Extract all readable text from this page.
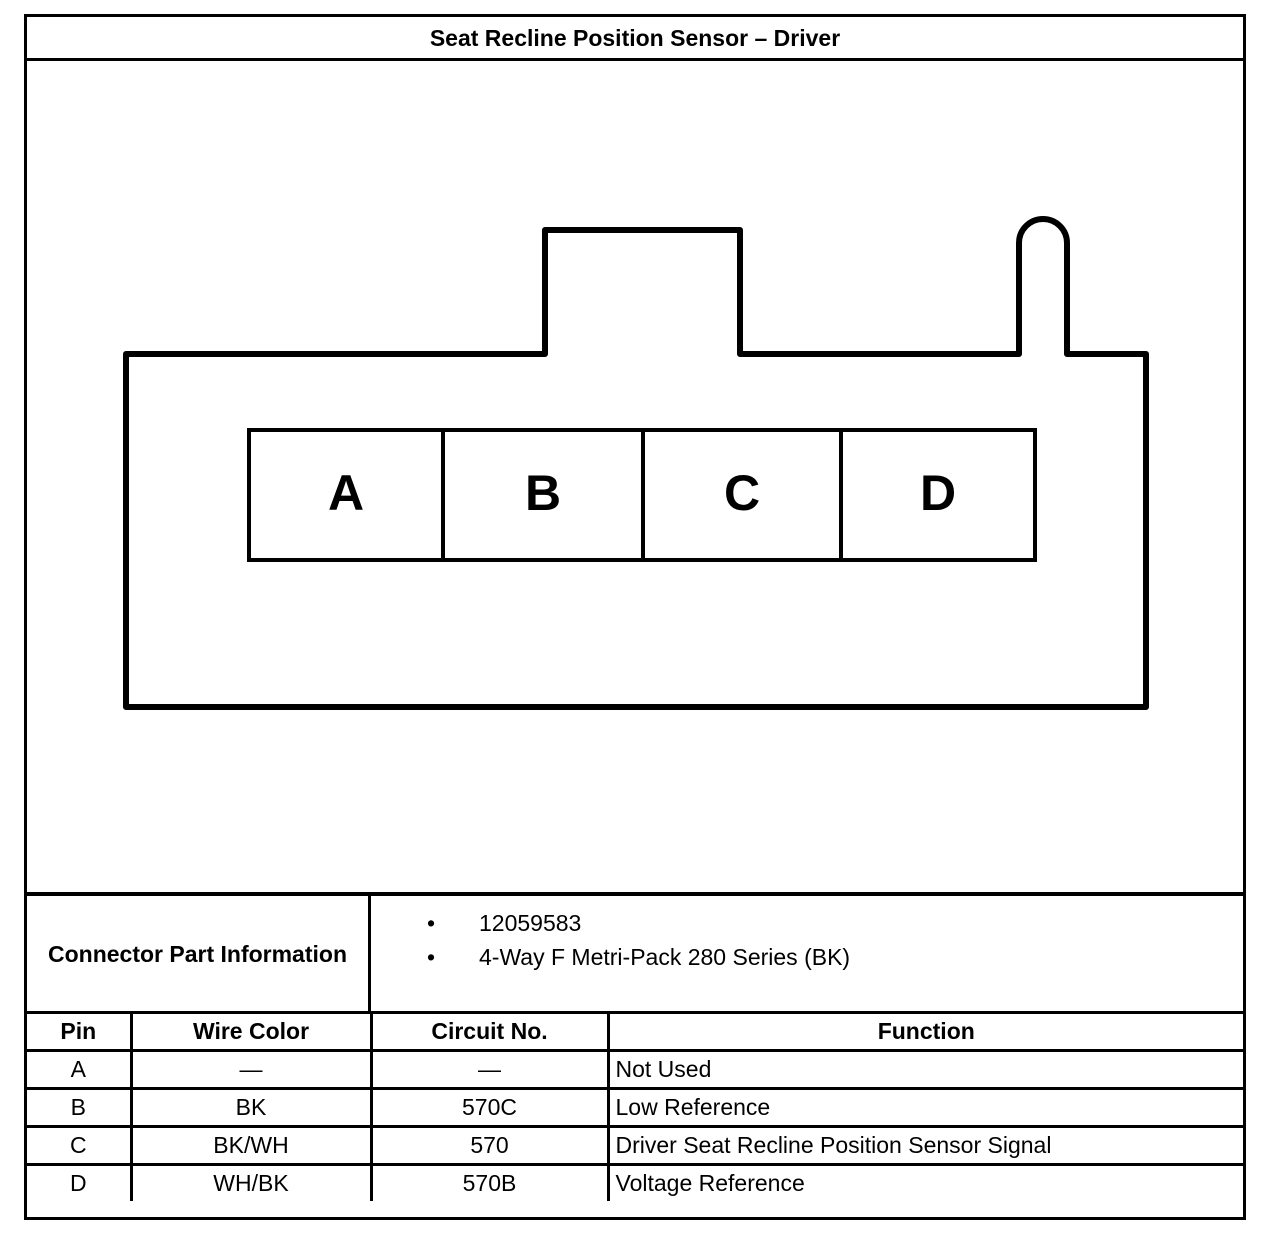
Seat Recline Position Sensor – Driver
A	B	C	D
Connector Part Information
• 12059583
• 4-Way F Metri-Pack 280 Series (BK)
Pin	Wire Color	Circuit No.	Function
A	—	—	Not Used
B	BK	570C	Low Reference
C	BK/WH	570	Driver Seat Recline Position Sensor Signal
D	WH/BK	570B	Voltage Reference
